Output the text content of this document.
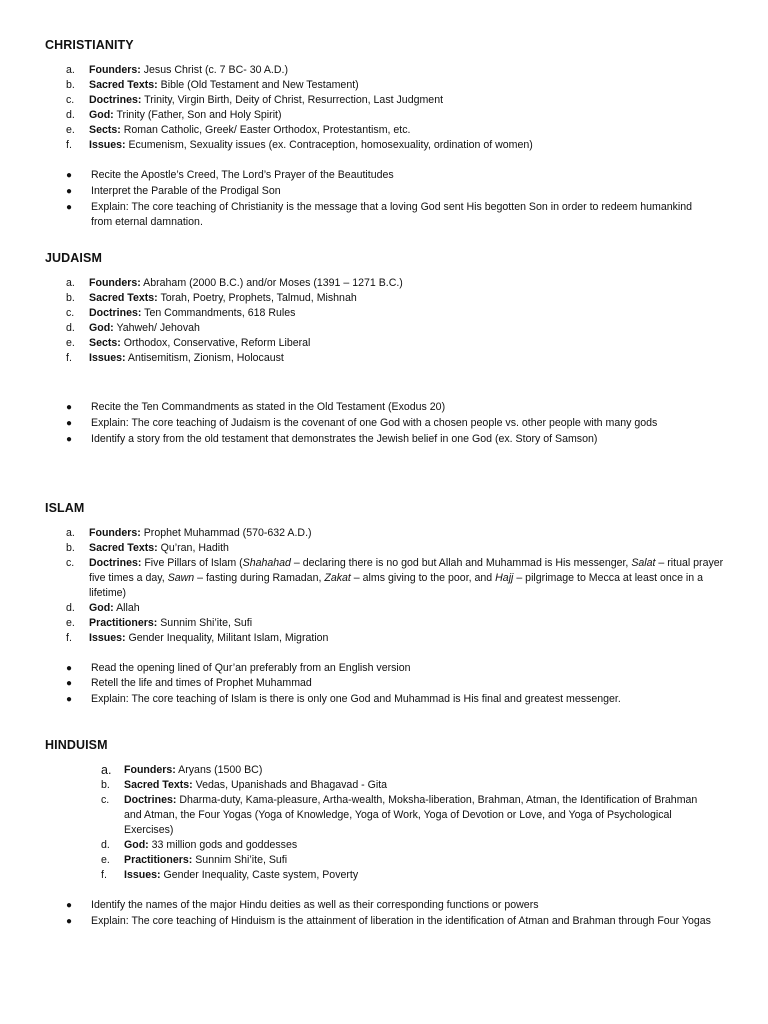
CHRISTIANITY
a.	Founders: Jesus Christ (c. 7 BC- 30 A.D.)
b.	Sacred Texts: Bible (Old Testament and New Testament)
c.	Doctrines: Trinity, Virgin Birth, Deity of Christ, Resurrection, Last Judgment
d.	God: Trinity (Father, Son and Holy Spirit)
e.	Sects: Roman Catholic, Greek/ Easter Orthodox, Protestantism, etc.
f.	Issues: Ecumenism, Sexuality issues (ex. Contraception, homosexuality, ordination of women)
● Recite the Apostle’s Creed, The Lord’s Prayer of the Beautitudes
● Interpret the Parable of the Prodigal Son
● Explain: The core teaching of Christianity is the message that a loving God sent His begotten Son in order to redeem humankind from eternal damnation.
JUDAISM
a.	Founders: Abraham (2000 B.C.) and/or Moses (1391 – 1271 B.C.)
b.	Sacred Texts: Torah, Poetry, Prophets, Talmud, Mishnah
c.	Doctrines: Ten Commandments, 618 Rules
d.	God: Yahweh/ Jehovah
e.	Sects: Orthodox, Conservative, Reform Liberal
f.	Issues: Antisemitism, Zionism, Holocaust
● Recite the Ten Commandments as stated in the Old Testament (Exodus 20)
● Explain: The core teaching of Judaism is the covenant of one God with a chosen people vs. other people with many gods
● Identify a story from the old testament that demonstrates the Jewish belief in one God (ex. Story of Samson)
ISLAM
a.	Founders: Prophet Muhammad (570-632 A.D.)
b.	Sacred Texts: Qu’ran, Hadith
c.	Doctrines: Five Pillars of Islam (Shahahad – declaring there is no god but Allah and Muhammad is His messenger, Salat – ritual prayer five times a day, Sawn – fasting during Ramadan, Zakat – alms giving to the poor, and Hajj – pilgrimage to Mecca at least once in a lifetime)
d.	God: Allah
e.	Practitioners: Sunnim Shi’ite, Sufi
f.	Issues: Gender Inequality, Militant Islam, Migration
● Read the opening lined of Qur’an preferably from an English version
● Retell the life and times of Prophet Muhammad
● Explain: The core teaching of Islam is there is only one God and Muhammad is His final and greatest messenger.
HINDUISM
a.	Founders: Aryans (1500 BC)
b.	Sacred Texts: Vedas, Upanishads and Bhagavad - Gita
c.	Doctrines: Dharma-duty, Kama-pleasure, Artha-wealth, Moksha-liberation, Brahman, Atman, the Identification of Brahman and Atman, the Four Yogas (Yoga of Knowledge, Yoga of Work, Yoga of Devotion or Love, and Yoga of Psychological Exercises)
d.	God: 33 million gods and goddesses
e.	Practitioners: Sunnim Shi’ite, Sufi
f.	Issues: Gender Inequality, Caste system, Poverty
● Identify the names of the major Hindu deities as well as their corresponding functions or powers
● Explain: The core teaching of Hinduism is the attainment of liberation in the identification of Atman and Brahman through Four Yogas
